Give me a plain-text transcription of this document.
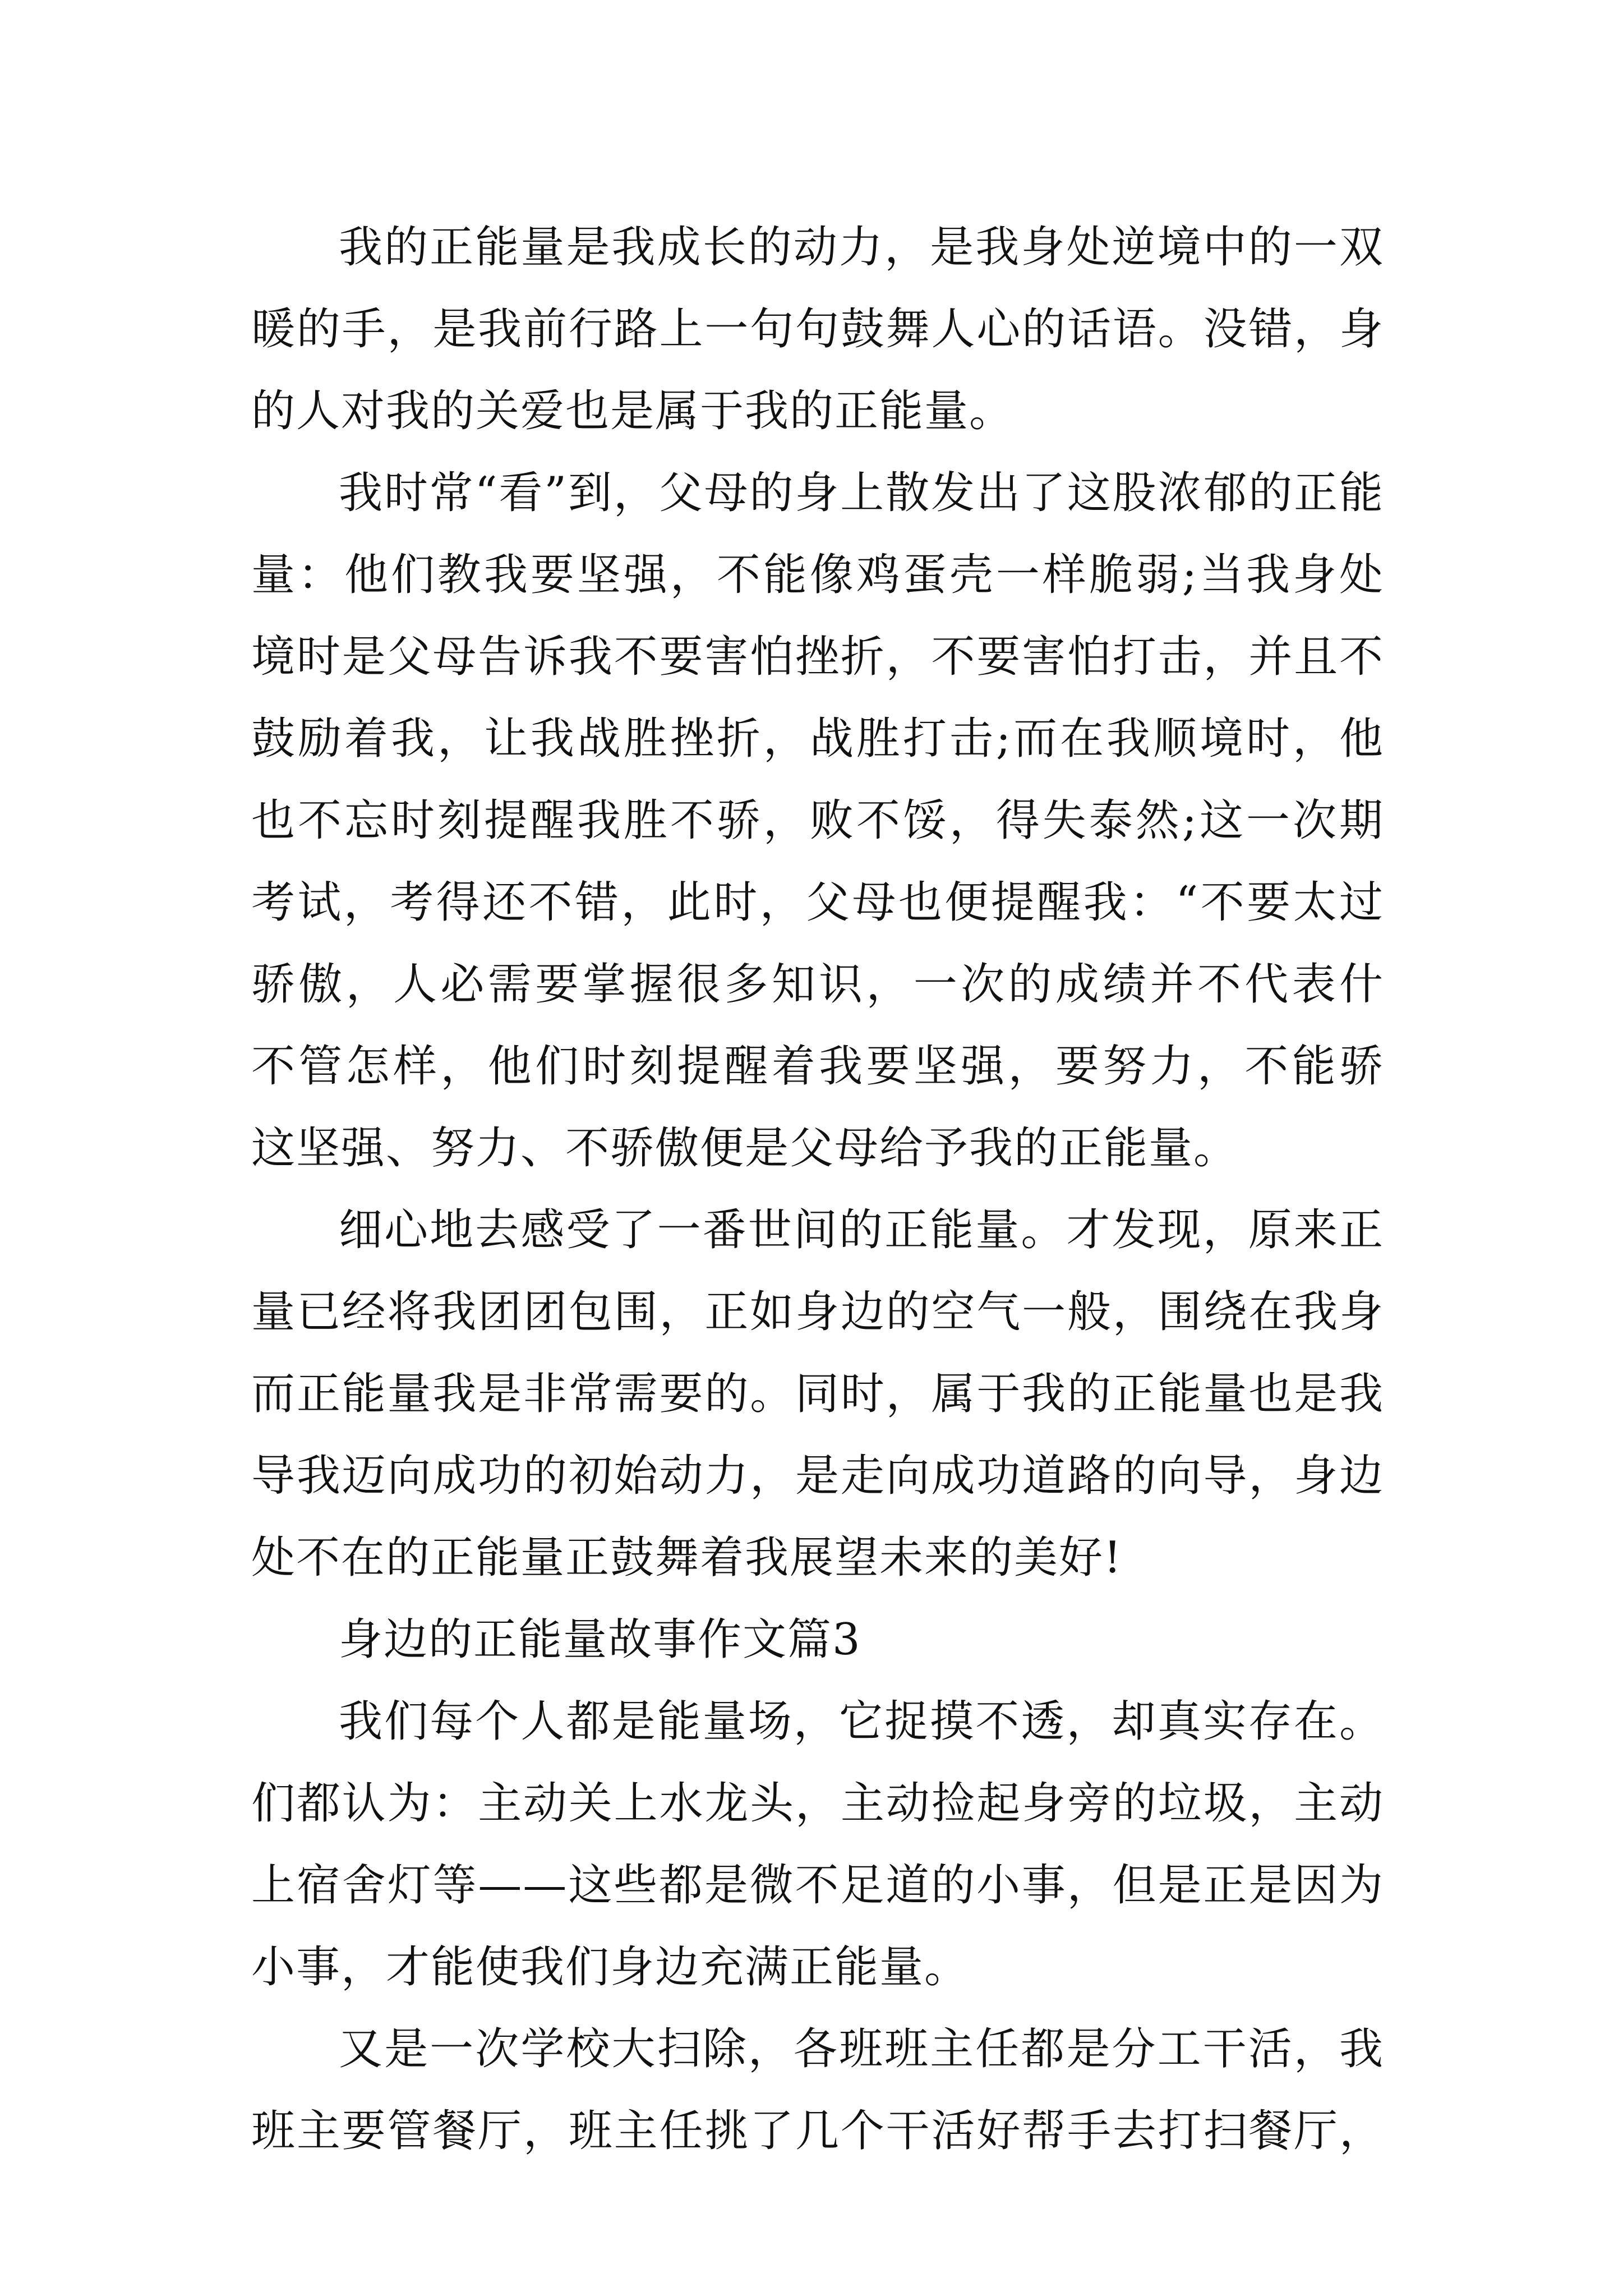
我的正能量是我成长的动力，是我身处逆境中的一双
暖的手，是我前行路上一句句鼓舞人心的话语。没错，身
的人对我的关爱也是属于我的正能量。
我时常“看”到，父母的身上散发出了这股浓郁的正能
量：他们教我要坚强，不能像鸡蛋壳一样脆弱;当我身处
境时是父母告诉我不要害怕挫折，不要害怕打击，并且不
鼓励着我，让我战胜挫折，战胜打击;而在我顺境时，他
也不忘时刻提醒我胜不骄，败不馁，得失泰然;这一次期
考试，考得还不错，此时，父母也便提醒我：“不要太过
骄傲，人必需要掌握很多知识，一次的成绩并不代表什
不管怎样，他们时刻提醒着我要坚强，要努力，不能骄
这坚强、努力、不骄傲便是父母给予我的正能量。
细心地去感受了一番世间的正能量。才发现，原来正
量已经将我团团包围，正如身边的空气一般，围绕在我身
而正能量我是非常需要的。同时，属于我的正能量也是我
导我迈向成功的初始动力，是走向成功道路的向导，身边
处不在的正能量正鼓舞着我展望未来的美好!
身边的正能量故事作文篇3
我们每个人都是能量场，它捉摸不透，却真实存在。
们都认为：主动关上水龙头，主动捡起身旁的垃圾，主动
上宿舍灯等——这些都是微不足道的小事，但是正是因为
小事，才能使我们身边充满正能量。
又是一次学校大扫除，各班班主任都是分工干活，我
班主要管餐厅，班主任挑了几个干活好帮手去打扫餐厅，
